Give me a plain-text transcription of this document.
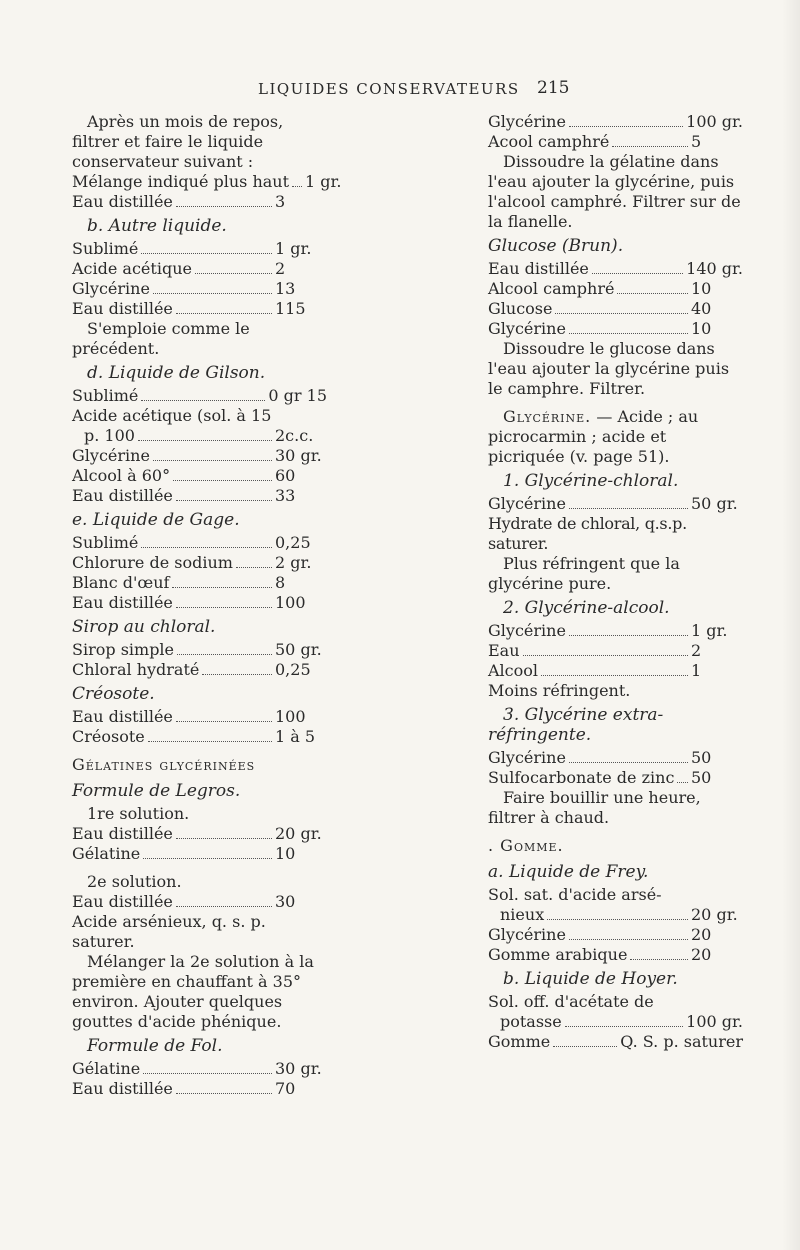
LIQUIDES CONSERVATEURS 215

Après un mois de repos, filtrer et faire le liquide conservateur suivant :

Mélange indiqué plus haut 1 gr.
Eau distillée	3

b. Autre liquide.

Sublimé	1 gr.
Acide acétique	2
Glycérine	13
Eau distillée	115

S'emploie comme le précédent.

d. Liquide de Gilson.

Sublimé	0 gr 15

Acide acétique (sol. à 15

p. 100	2c.c.
Glycérine	30 gr.
Alcool à 60°	60
Eau distillée	33

e. Liquide de Gage.

Sublimé	0,25
Chlorure de sodium	2 gr.
Blanc d'œuf	8
Eau distillée	100

Sirop au chloral.

Sirop simple	50 gr.
Chloral hydraté	0,25

Créosote.

Eau distillée	100
Créosote	1 à 5

Gélatines glycérinées

Formule de Legros.

1re solution.

Eau distillée	20 gr.
Gélatine	10

2e solution.

Eau distillée	30

Acide arsénieux, q. s. p. saturer.

Mélanger la 2e solution à la première en chauffant à 35° environ. Ajouter quelques gouttes d'acide phénique.

Formule de Fol.

Gélatine	30 gr.
Eau distillée	70
Glycérine	100 gr.
Acool camphré	5

Dissoudre la gélatine dans l'eau ajouter la glycérine, puis l'alcool camphré. Filtrer sur de la flanelle.

Glucose (Brun).

Eau distillée	140 gr.
Alcool camphré	10
Glucose	40
Glycérine	10

Dissoudre le glucose dans l'eau ajouter la glycérine puis le camphre. Filtrer.

Glycérine. — Acide ; au picrocarmin ; acide et picriquée (v. page 51).

1. Glycérine-chloral.

Glycérine	50 gr.

Hydrate de chloral, q.s.p. saturer.

Plus réfringent que la glycérine pure.

2. Glycérine-alcool.

Glycérine	1 gr.
Eau	2
Alcool	1

Moins réfringent.

3. Glycérine extra-réfringente.

Glycérine	50
Sulfocarbonate de zinc 50

Faire bouillir une heure, filtrer à chaud.

. Gomme.

a. Liquide de Frey.

Sol. sat. d'acide arsé-

nieux	20 gr.
Glycérine	20
Gomme arabique	20

b. Liquide de Hoyer.

Sol. off. d'acétate de

potasse	100 gr.
Gomme	Q. S. p. saturer
